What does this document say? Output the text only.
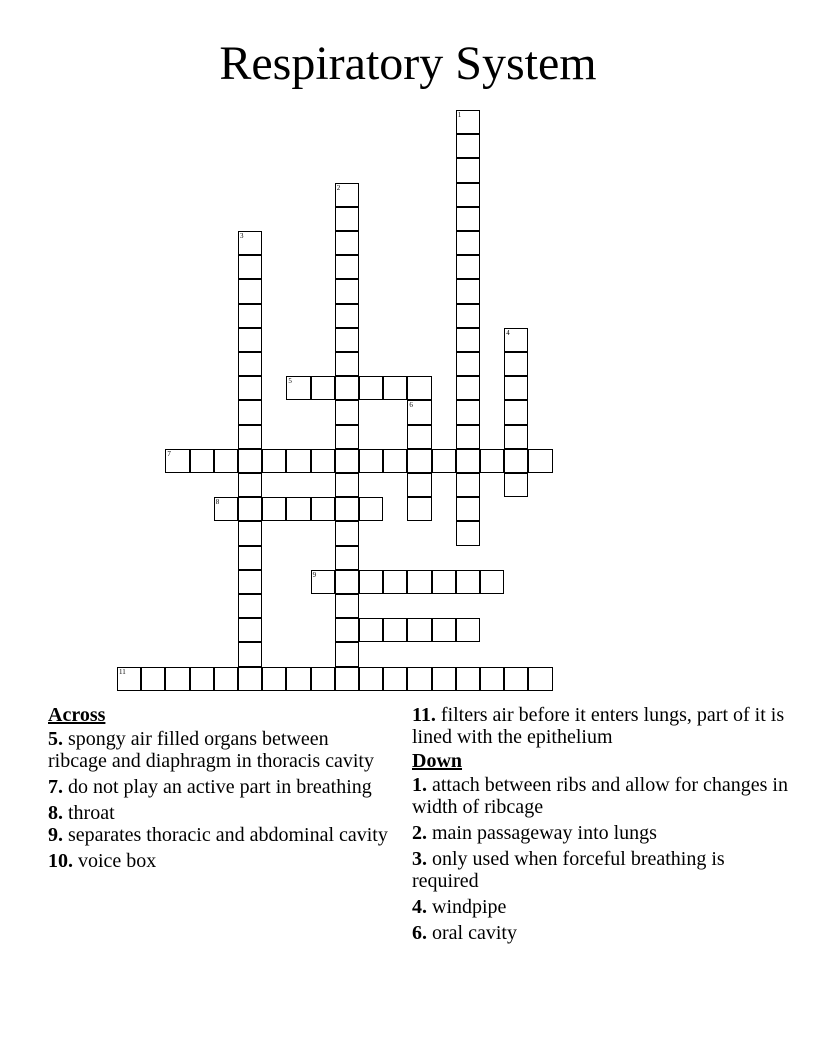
Respiratory System
1
2
3
4
5
6
7
8
9
11
Across
5. spongy air filled organs between ribcage and diaphragm in thoracis cavity
7. do not play an active part in breathing
8. throat
9. separates thoracic and abdominal cavity
10. voice box
11. filters air before it enters lungs, part of it is lined with the epithelium
Down
1. attach between ribs and allow for changes in width of ribcage
2. main passageway into lungs
3. only used when forceful breathing is required
4. windpipe
6. oral cavity
